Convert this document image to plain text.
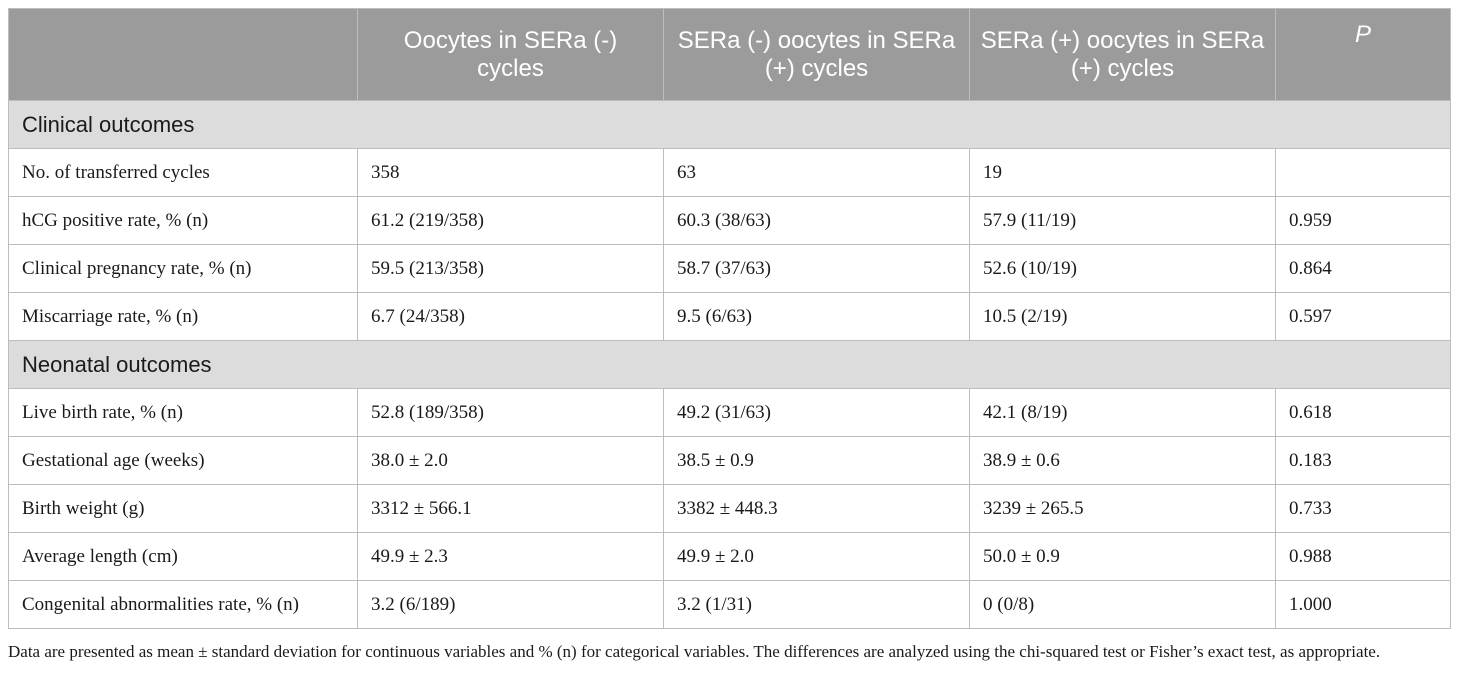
	Oocytes in SERa (-) cycles	SERa (-) oocytes in SERa (+) cycles	SERa (+) oocytes in SERa (+) cycles	P
Clinical outcomes				
No. of transferred cycles	358	63	19	
hCG positive rate, % (n)	61.2 (219/358)	60.3 (38/63)	57.9 (11/19)	0.959
Clinical pregnancy rate, % (n)	59.5 (213/358)	58.7 (37/63)	52.6 (10/19)	0.864
Miscarriage rate, % (n)	6.7 (24/358)	9.5 (6/63)	10.5 (2/19)	0.597
Neonatal outcomes				
Live birth rate, % (n)	52.8 (189/358)	49.2 (31/63)	42.1 (8/19)	0.618
Gestational age (weeks)	38.0 ± 2.0	38.5 ± 0.9	38.9 ± 0.6	0.183
Birth weight (g)	3312 ± 566.1	3382 ± 448.3	3239 ± 265.5	0.733
Average length (cm)	49.9 ± 2.3	49.9 ± 2.0	50.0 ± 0.9	0.988
Congenital abnormalities rate, % (n)	3.2 (6/189)	3.2 (1/31)	0 (0/8)	1.000

Data are presented as mean ± standard deviation for continuous variables and % (n) for categorical variables. The differences are analyzed using the chi-squared test or Fisher’s exact test, as appropriate.
